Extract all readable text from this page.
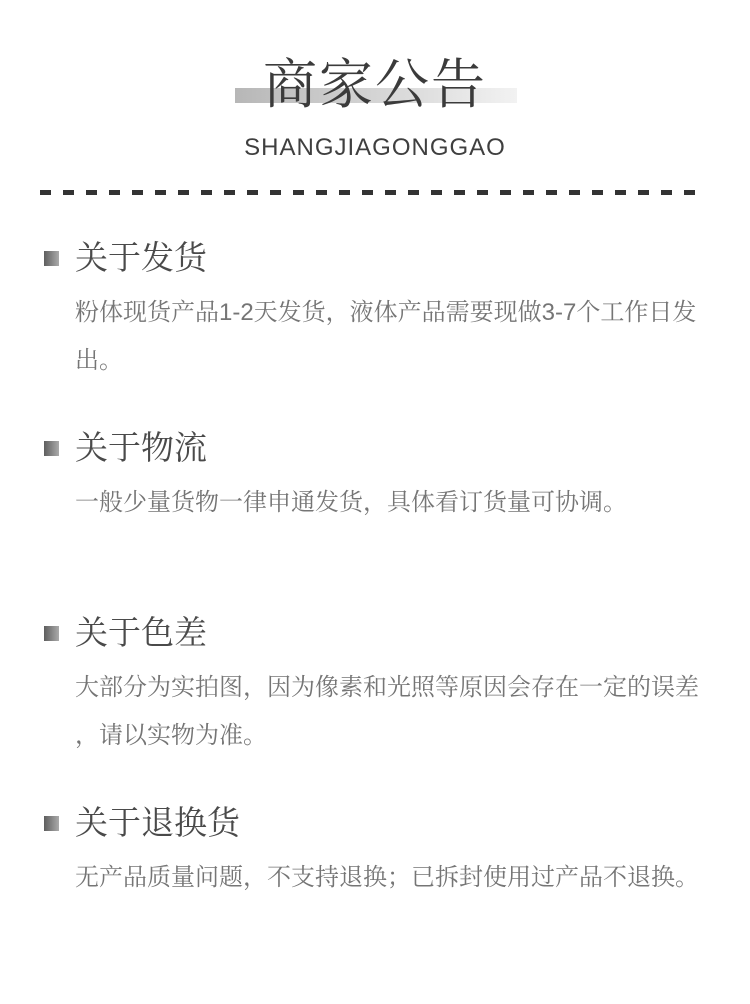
商家公告
SHANGJIAGONGGAO
关于发货

粉体现货产品1-2天发货，液体产品需要现做3-7个工作日发出。

关于物流

一般少量货物一律申通发货，具体看订货量可协调。

关于色差

大部分为实拍图，因为像素和光照等原因会存在一定的误差，请以实物为准。

关于退换货

无产品质量问题，不支持退换；已拆封使用过产品不退换。
